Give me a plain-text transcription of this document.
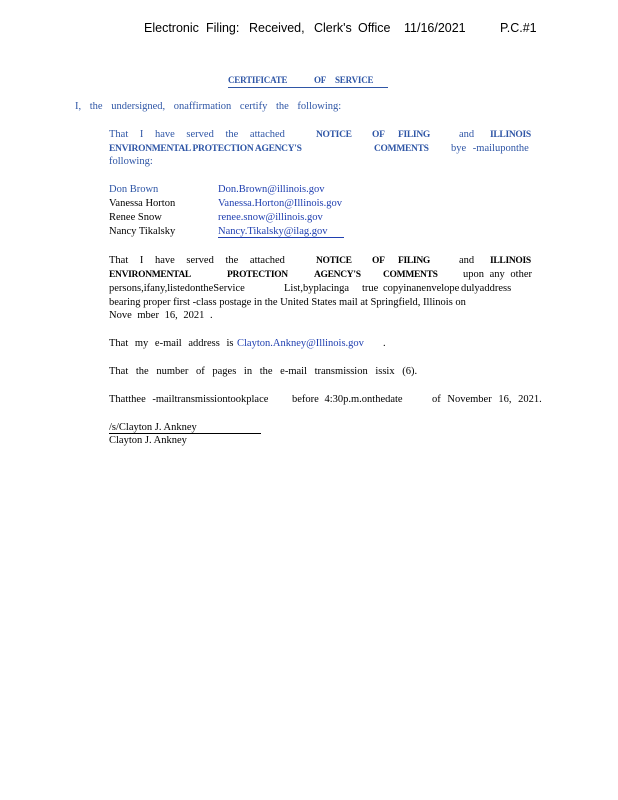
Electronic Filing: Received, Clerk's Office 11/16/2021	P.C.#1
CERTIFICATE	OF SERVICE
I, the undersigned, onaffirmation certify the following:
That I have served the attached	NOTICE OF FILING	and ILLINOIS
ENVIRONMENTAL PROTECTION AGENCY'S	COMMENTS bye -mailuponthe
following:
Don Brown	Don.Brown@illinois.gov
Vanessa Horton	Vanessa.Horton@Illinois.gov
Renee Snow	renee.snow@illinois.gov
Nancy Tikalsky	Nancy.Tikalsky@ilag.gov
That I have served the attached	NOTICE OF FILING	and ILLINOIS
ENVIRONMENTAL	PROTECTION	AGENCY'S COMMENTS upon any other
persons,ifany,listedontheService	List,byplacinga true copyinanenvelope dulyaddress
bearing proper first -class postage in the United States mail at Springfield, Illinois on
Nove mber 16, 2021 .
That my e-mail address is Clayton.Ankney@Illinois.gov .
That the number of pages in the e-mail transmission issix (6).
Thatthee -mailtransmissiontookplace before 4:30p.m.onthedate	of November 16, 2021.
/s/Clayton J. Ankney
Clayton J. Ankney
